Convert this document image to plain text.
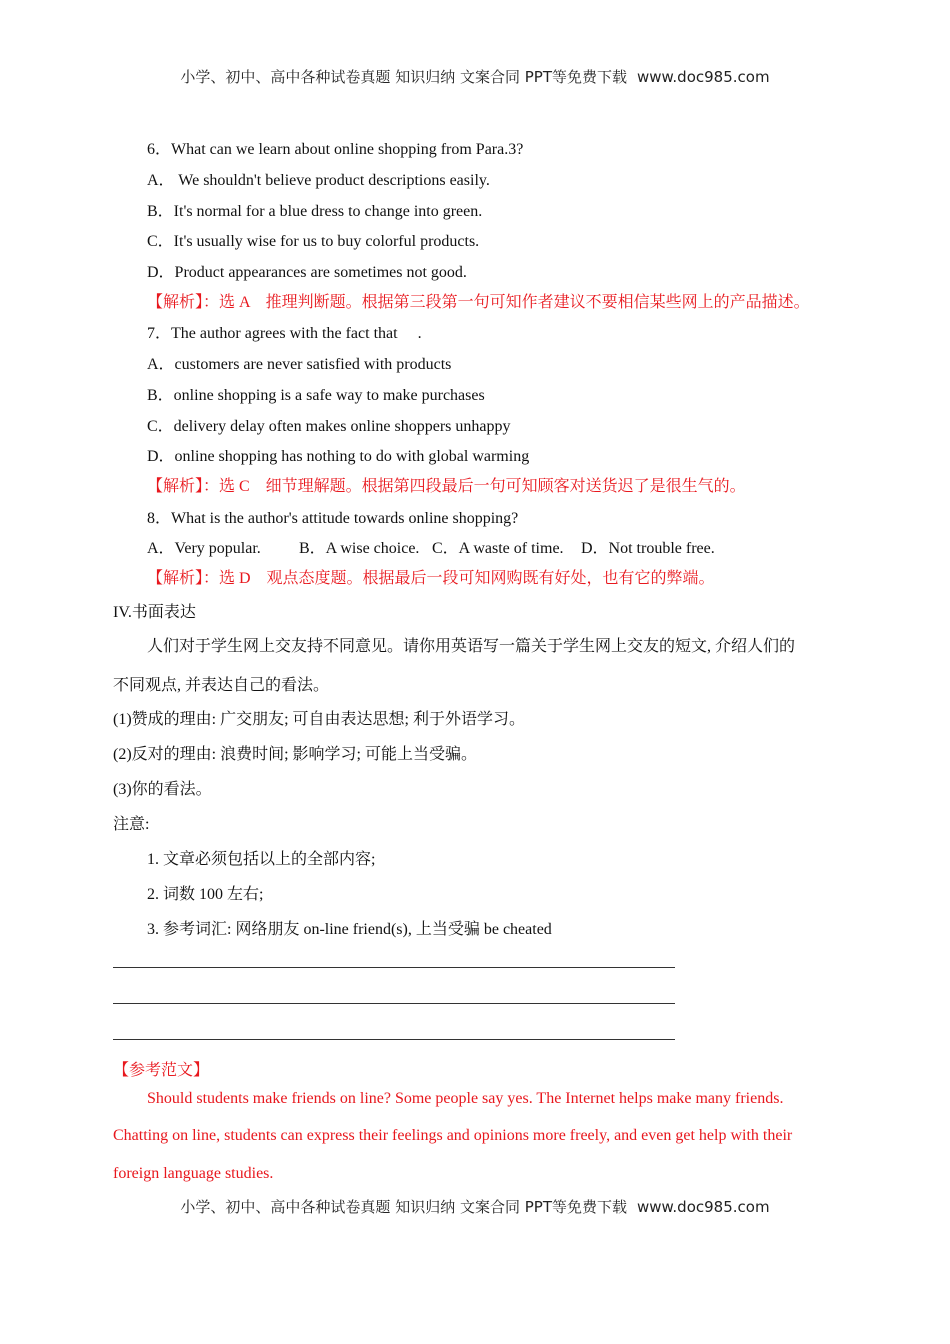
小学、初中、高中各种试卷真题 知识归纳 文案合同 PPT等免费下载 www.doc985.com
6．What can we learn about online shopping from Para.3?
A． We shouldn't believe product descriptions easily.
B．It's normal for a blue dress to change into green.
C．It's usually wise for us to buy colorful products.
D．Product appearances are sometimes not good.
【解析】：选 A　推理判断题。根据第三段第一句可知作者建议不要相信某些网上的产品描述。
7．The author agrees with the fact that　 .
A．customers are never satisfied with products
B．online shopping is a safe way to make purchases
C．delivery delay often makes online shoppers unhappy
D．online shopping has nothing to do with global warming
【解析】：选 C　细节理解题。根据第四段最后一句可知顾客对送货迟了是很生气的。
8．What is the author's attitude towards online shopping?
A．Very popular. B．A wise choice. C．A waste of time. D．Not trouble free.
【解析】：选 D　观点态度题。根据最后一段可知网购既有好处，也有它的弊端。
IV.书面表达
人们对于学生网上交友持不同意见。请你用英语写一篇关于学生网上交友的短文, 介绍人们的
不同观点, 并表达自己的看法。
(1)赞成的理由: 广交朋友; 可自由表达思想; 利于外语学习。
(2)反对的理由: 浪费时间; 影响学习; 可能上当受骗。
(3)你的看法。
注意:
1. 文章必须包括以上的全部内容;
2. 词数 100 左右;
3. 参考词汇: 网络朋友 on-line friend(s), 上当受骗 be cheated
【参考范文】
Should students make friends on line? Some people say yes. The Internet helps make many friends.
Chatting on line, students can express their feelings and opinions more freely, and even get help with their
foreign language studies.
小学、初中、高中各种试卷真题 知识归纳 文案合同 PPT等免费下载 www.doc985.com
